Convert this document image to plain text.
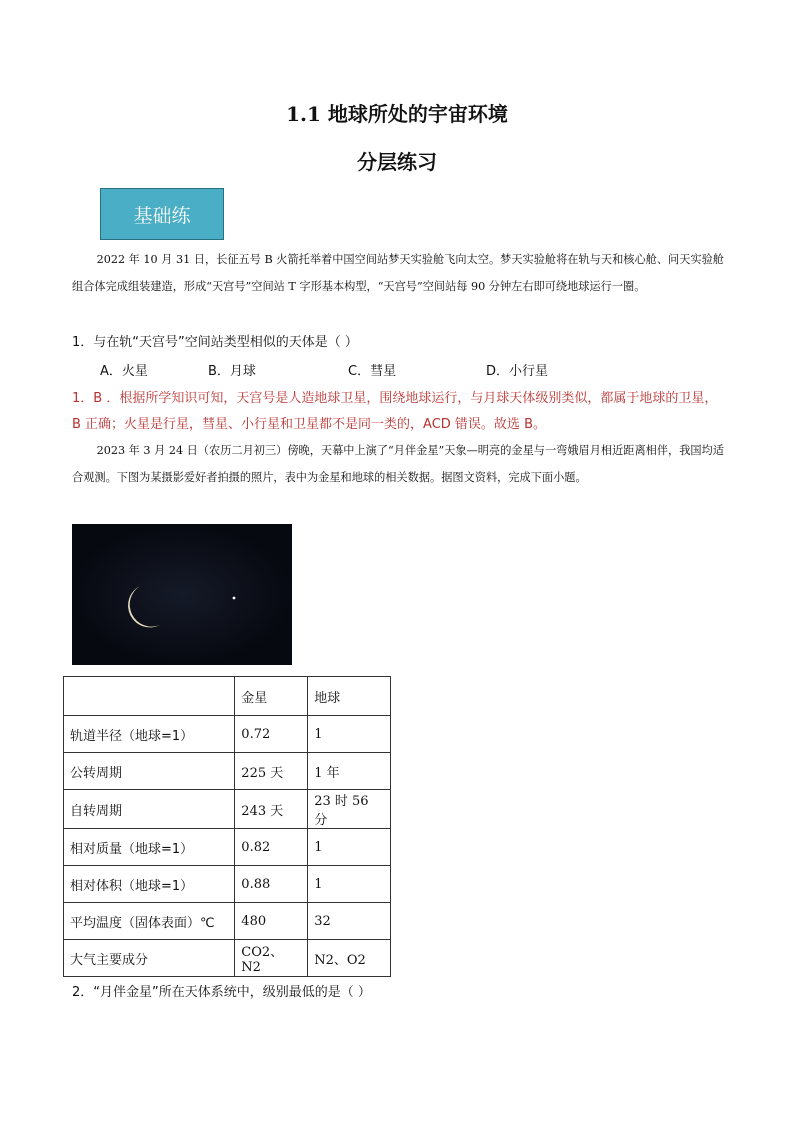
1.1 地球所处的宇宙环境
分层练习
基础练

2022 年 10 月 31 日，长征五号 B 火箭托举着中国空间站梦天实验舱飞向太空。梦天实验舱将在轨与天和核心舱、问天实验舱组合体完成组装建造，形成“天宫号”空间站 T 字形基本构型，“天宫号”空间站每 90 分钟左右即可绕地球运行一圈。

1．与在轨“天宫号”空间站类型相似的天体是（ ）

A．火星	B．月球	C．彗星	D．小行星

1．B ．根据所学知识可知，天宫号是人造地球卫星，围绕地球运行，与月球天体级别类似，都属于地球的卫星，B 正确；火星是行星，彗星、小行星和卫星都不是同一类的，ACD 错误。故选 B。

2023 年 3 月 24 日（农历二月初三）傍晚，天幕中上演了“月伴金星”天象—明亮的金星与一弯娥眉月相近距离相伴，我国均适合观测。下图为某摄影爱好者拍摄的照片，表中为金星和地球的相关数据。据图文资料，完成下面小题。

	金星	地球
轨道半径（地球=1）	0.72	1
公转周期	225 天	1 年
自转周期	243 天	23 时 56 分
相对质量（地球=1）	0.82	1
相对体积（地球=1）	0.88	1
平均温度（固体表面）℃	480	32
大气主要成分	CO2、N2	N2、O2

2．“月伴金星”所在天体系统中，级别最低的是（ ）
